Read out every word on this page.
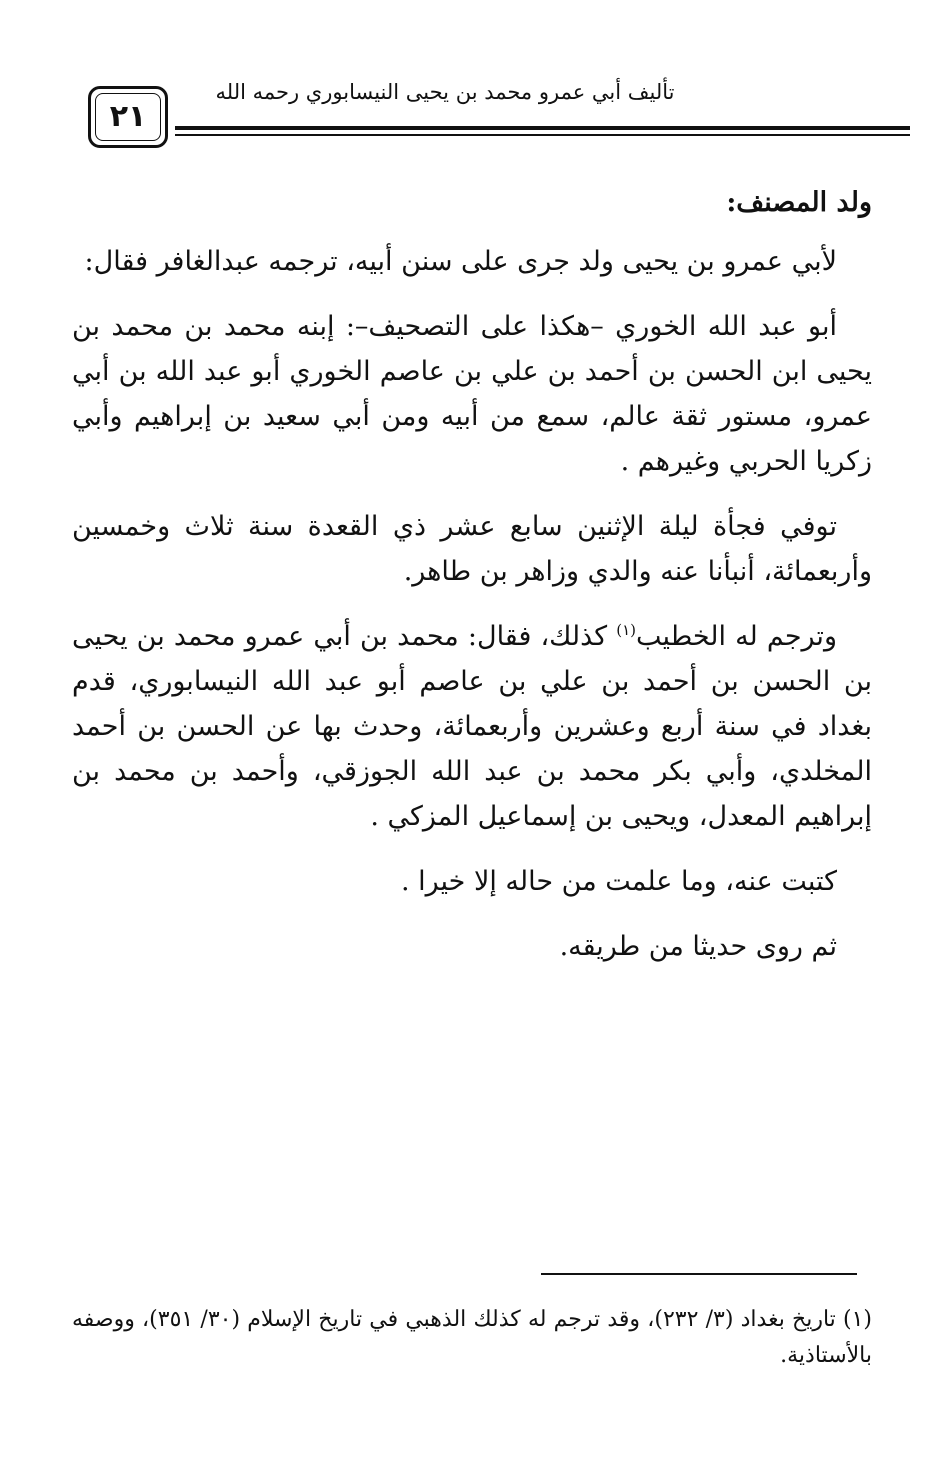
تأليف أبي عمرو محمد بن يحيى النيسابوري رحمه الله
٢١

ولد المصنف:

لأبي عمرو بن يحيى ولد جرى على سنن أبيه، ترجمه عبدالغافر فقال:

أبو عبد الله الخوري –هكذا على التصحيف–: إبنه محمد بن محمد بن يحيى ابن الحسن بن أحمد بن علي بن عاصم الخوري أبو عبد الله بن أبي عمرو، مستور ثقة عالم، سمع من أبيه ومن أبي سعيد بن إبراهيم وأبي زكريا الحربي وغيرهم .

توفي فجأة ليلة الإثنين سابع عشر ذي القعدة سنة ثلاث وخمسين وأربعمائة، أنبأنا عنه والدي وزاهر بن طاهر.

وترجم له الخطيب$^{(١)}$ كذلك، فقال: محمد بن أبي عمرو محمد بن يحيى بن الحسن بن أحمد بن علي بن عاصم أبو عبد الله النيسابوري، قدم بغداد في سنة أربع وعشرين وأربعمائة، وحدث بها عن الحسن بن أحمد المخلدي، وأبي بكر محمد بن عبد الله الجوزقي، وأحمد بن محمد بن إبراهيم المعدل، ويحيى بن إسماعيل المزكي .

كتبت عنه، وما علمت من حاله إلا خيرا .

ثم روى حديثا من طريقه.

(١) تاريخ بغداد (٣/ ٢٣٢)، وقد ترجم له كذلك الذهبي في تاريخ الإسلام (٣٠/ ٣٥١)، ووصفه بالأستاذية.
